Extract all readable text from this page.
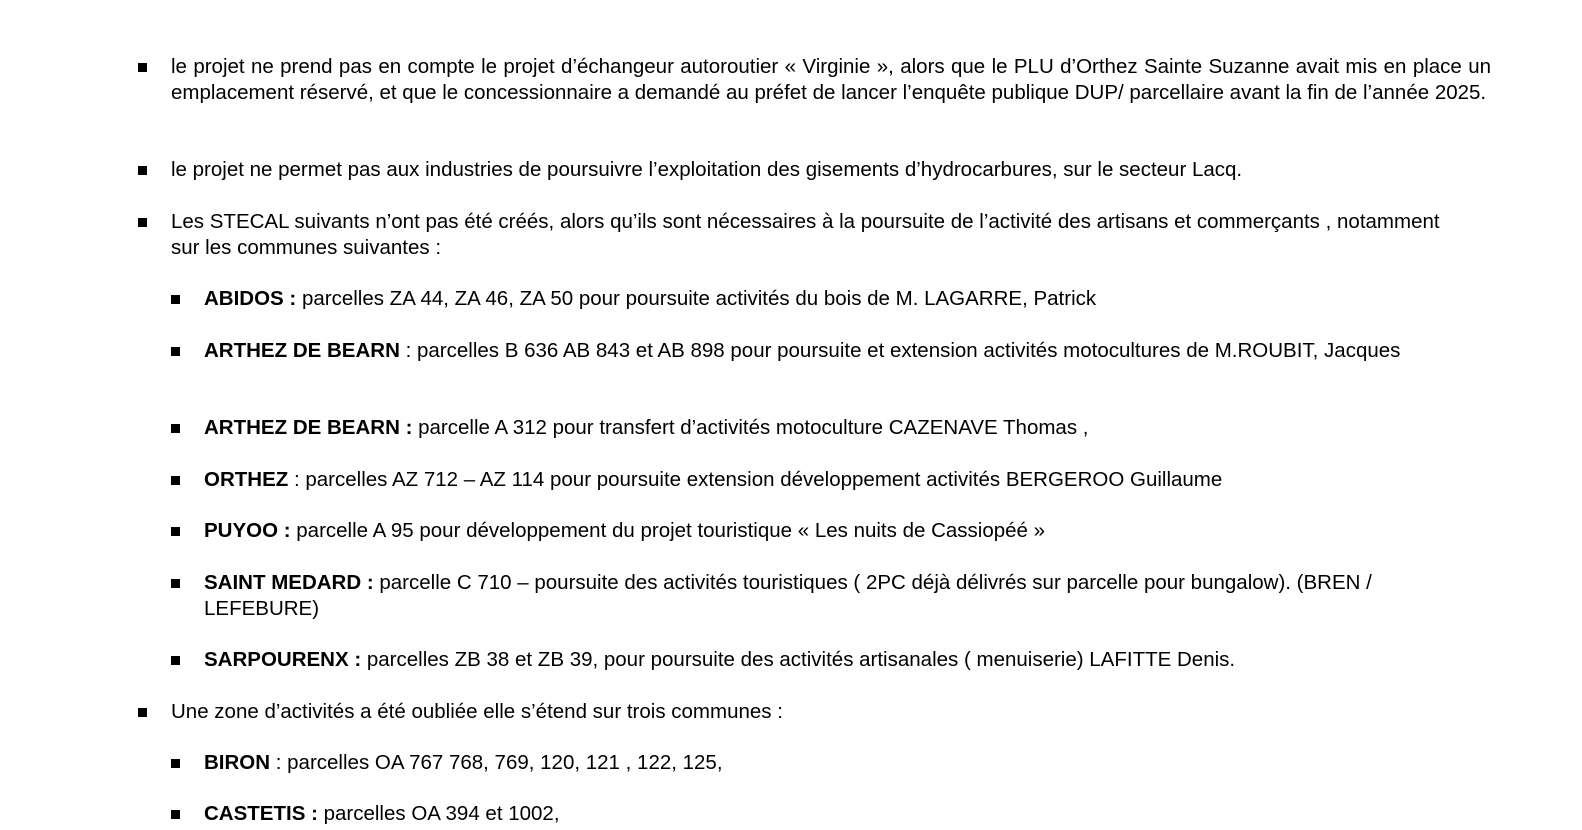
le projet ne prend pas en compte le projet d’échangeur autoroutier « Virginie », alors que le PLU d’Orthez Sainte Suzanne avait mis en place un emplacement réservé, et que le concessionnaire a demandé au préfet de lancer l’enquête publique DUP/ parcellaire avant la fin de l’année 2025.
le projet ne permet pas aux industries de poursuivre l’exploitation des gisements d’hydrocarbures, sur le secteur Lacq.
Les STECAL suivants n’ont pas été créés, alors qu’ils sont nécessaires à la poursuite de l’activité des artisans et commerçants , notamment sur les communes suivantes :
ABIDOS : parcelles ZA 44, ZA 46, ZA 50 pour poursuite activités du bois de M. LAGARRE, Patrick
ARTHEZ DE BEARN : parcelles B 636 AB 843 et AB 898 pour poursuite et extension activités motocultures de M.ROUBIT, Jacques
ARTHEZ DE BEARN : parcelle A 312 pour transfert d’activités motoculture CAZENAVE Thomas ,
ORTHEZ : parcelles AZ 712 – AZ 114 pour poursuite extension développement activités BERGEROO Guillaume
PUYOO : parcelle A 95 pour développement du projet touristique « Les nuits de Cassiopéé »
SAINT MEDARD : parcelle C 710 – poursuite des activités touristiques ( 2PC déjà délivrés sur parcelle pour bungalow). (BREN / LEFEBURE)
SARPOURENX : parcelles ZB 38 et ZB 39, pour poursuite des activités artisanales ( menuiserie) LAFITTE Denis.
Une zone d’activités a été oubliée elle s’étend sur trois communes :
BIRON : parcelles OA 767 768, 769, 120, 121 , 122, 125,
CASTETIS : parcelles OA 394 et 1002,
